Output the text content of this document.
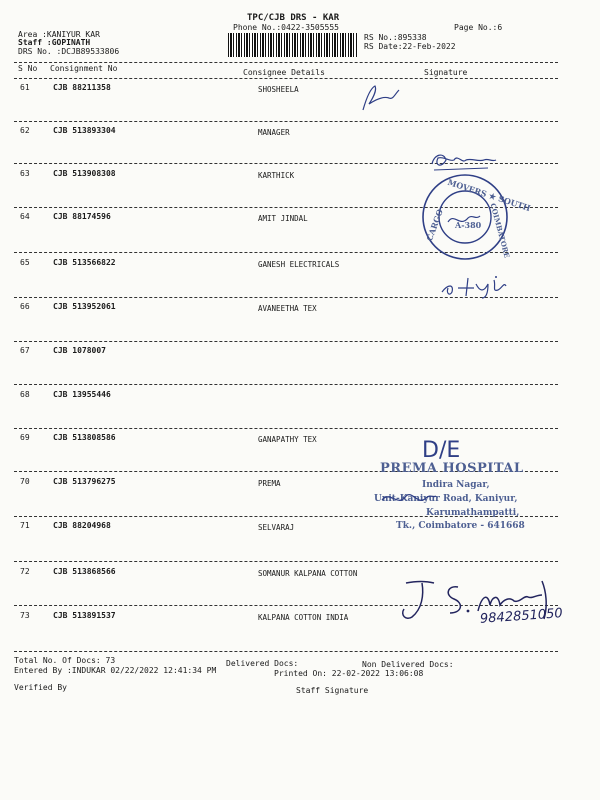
Area :KANIYUR KAR
Staff :GOPINATH
DRS No. :DCJB89533806
TPC/CJB DRS - KAR
Phone No.:0422-3505555	Page No.:6
RS No.:895338
RS Date:22-Feb-2022
S No Consignment No	Consignee Details	Signature
61	CJB 88211358	SHOSHEELA
62	CJB 513893304	MANAGER
63	CJB 513908308	KARTHICK
64	CJB 88174596	AMIT JINDAL
65	CJB 513566822	GANESH ELECTRICALS
66	CJB 513952061	AVANEETHA TEX
67	CJB 1078007
68	CJB 13955446
69	CJB 513808586	GANAPATHY TEX
70	CJB 513796275	PREMA
71	CJB 88204968	SELVARAJ
72	CJB 513868566	SOMANUR KALPANA COTTON
73	CJB 513891537	KALPANA COTTON INDIA
Total No. Of Docs: 73	Delivered Docs:	Non Delivered Docs:
Entered By :INDUKAR 02/22/2022 12:41:34 PM	Printed On: 22-02-2022 13:06:08
Verified By	Staff Signature
9842851050
MOVERS ★ SOUTH
CARGO	COIMBATORE
A-380
D/E
PREMA HOSPITAL
Indira Nagar,
Unit-Kaniyur Road, Kaniyur,
Karumathampatti,
Tk., Coimbatore - 641668
